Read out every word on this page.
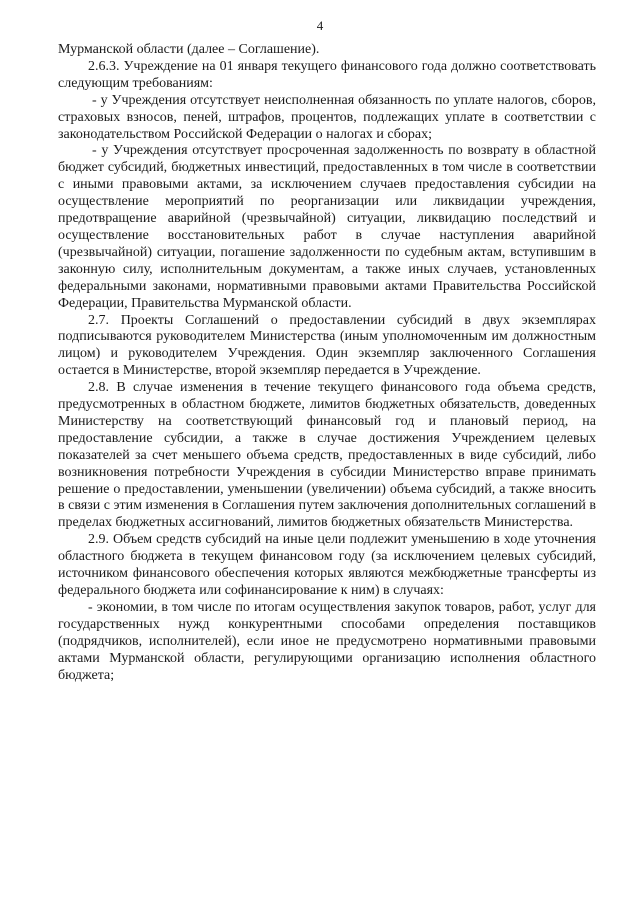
4

Мурманской области (далее – Соглашение).

2.6.3. Учреждение на 01 января текущего финансового года должно соответствовать следующим требованиям:

- у Учреждения отсутствует неисполненная обязанность по уплате налогов, сборов, страховых взносов, пеней, штрафов, процентов, подлежащих уплате в соответствии с законодательством Российской Федерации о налогах и сборах;

- у Учреждения отсутствует просроченная задолженность по возврату в областной бюджет субсидий, бюджетных инвестиций, предоставленных в том числе в соответствии с иными правовыми актами, за исключением случаев предоставления субсидии на осуществление мероприятий по реорганизации или ликвидации учреждения, предотвращение аварийной (чрезвычайной) ситуации, ликвидацию последствий и осуществление восстановительных работ в случае наступления аварийной (чрезвычайной) ситуации, погашение задолженности по судебным актам, вступившим в законную силу, исполнительным документам, а также иных случаев, установленных федеральными законами, нормативными правовыми актами Правительства Российской Федерации, Правительства Мурманской области.

2.7. Проекты Соглашений о предоставлении субсидий в двух экземплярах подписываются руководителем Министерства (иным уполномоченным им должностным лицом) и руководителем Учреждения. Один экземпляр заключенного Соглашения остается в Министерстве, второй экземпляр передается в Учреждение.

2.8. В случае изменения в течение текущего финансового года объема средств, предусмотренных в областном бюджете, лимитов бюджетных обязательств, доведенных Министерству на соответствующий финансовый год и плановый период, на предоставление субсидии, а также в случае достижения Учреждением целевых показателей за счет меньшего объема средств, предоставленных в виде субсидий, либо возникновения потребности Учреждения в субсидии Министерство вправе принимать решение о предоставлении, уменьшении (увеличении) объема субсидий, а также вносить в связи с этим изменения в Соглашения путем заключения дополнительных соглашений в пределах бюджетных ассигнований, лимитов бюджетных обязательств Министерства.

2.9. Объем средств субсидий на иные цели подлежит уменьшению в ходе уточнения областного бюджета в текущем финансовом году (за исключением целевых субсидий, источником финансового обеспечения которых являются межбюджетные трансферты из федерального бюджета или софинансирование к ним) в случаях:

- экономии, в том числе по итогам осуществления закупок товаров, работ, услуг для государственных нужд конкурентными способами определения поставщиков (подрядчиков, исполнителей), если иное не предусмотрено нормативными правовыми актами Мурманской области, регулирующими организацию исполнения областного бюджета;
